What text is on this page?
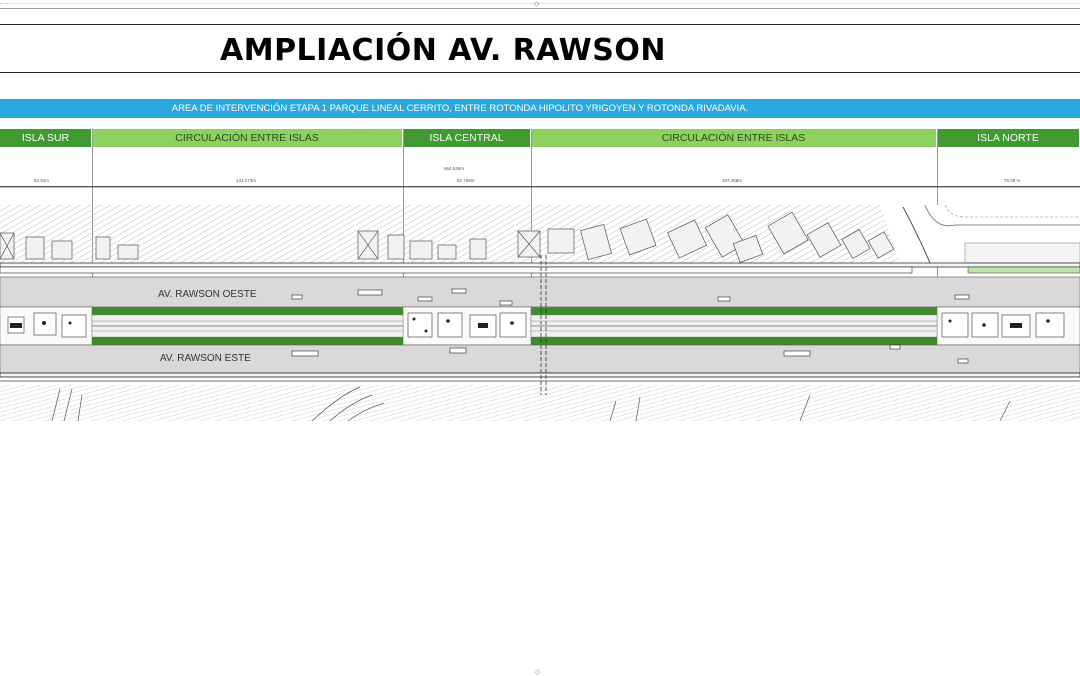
◇
AMPLIACIÓN AV. RAWSON
AREA DE INTERVENCIÓN ETAPA 1 PARQUE LINEAL CERRITO, ENTRE ROTONDA HIPOLITO YRIGOYEN Y ROTONDA RIVADAVIA.
ISLA SUR	CIRCULACIÓN ENTRE ISLAS	ISLA CENTRAL	CIRCULACIÓN ENTRE ISLAS	ISLA NORTE
664.538m
82.51m	144.173m	82.766m	187.468m	75.08 m
AV. RAWSON OESTE
AV. RAWSON ESTE
◇
